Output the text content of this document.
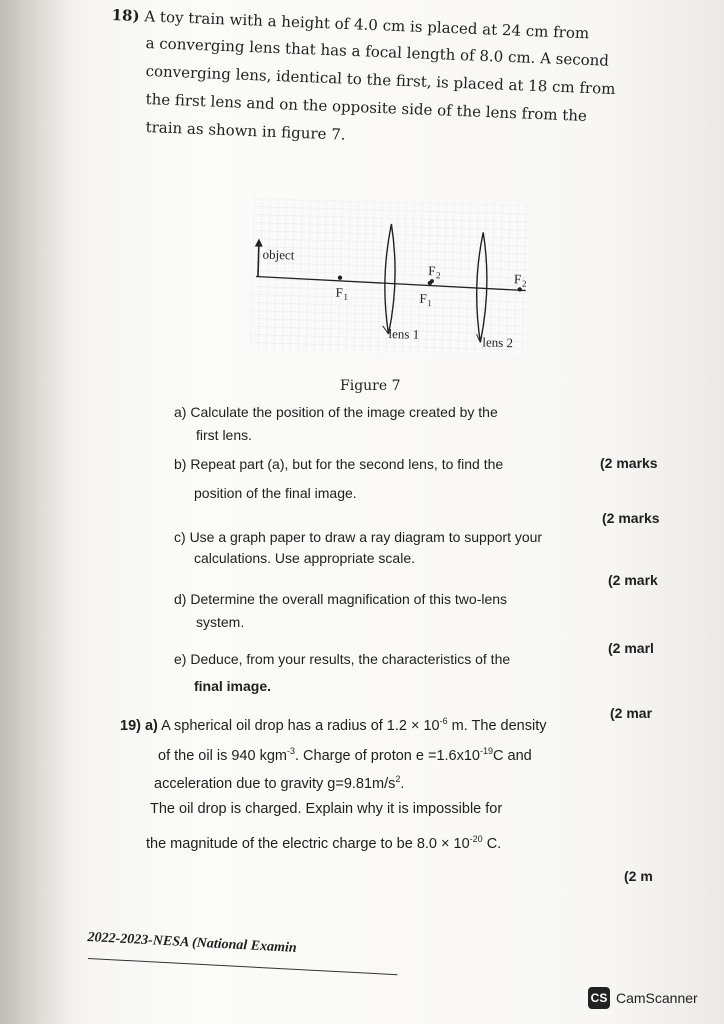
18) A toy train with a height of 4.0 cm is placed at 24 cm from
a converging lens that has a focal length of 8.0 cm. A second
converging lens, identical to the first, is placed at 18 cm from
the first lens and on the opposite side of the lens from the
train as shown in figure 7.
object
F 1
F 2
F 1
F 2
lens 1
lens 2
Figure 7
a) Calculate the position of the image created by the
first lens.
(2 marks
b) Repeat part (a), but for the second lens, to find the
position of the final image.
(2 marks
c) Use a graph paper to draw a ray diagram to support your
calculations. Use appropriate scale.
(2 mark
d) Determine the overall magnification of this two-lens
system.
(2 marl
e) Deduce, from your results, the characteristics of the
final image.
(2 mar
19) a) A spherical oil drop has a radius of $1.2 \times 10^{-6}$ m. The density
of the oil is 940 kgm$^{-3}$. Charge of proton $e =1.6x10^{-19}C$ and
acceleration due to gravity $g=9.81m/s^2$.
The oil drop is charged. Explain why it is impossible for
the magnitude of the electric charge to be $8.0 \times 10^{-20}$ C.
(2 m
2022-2023-NESA (National Examin
CS CamScanner
